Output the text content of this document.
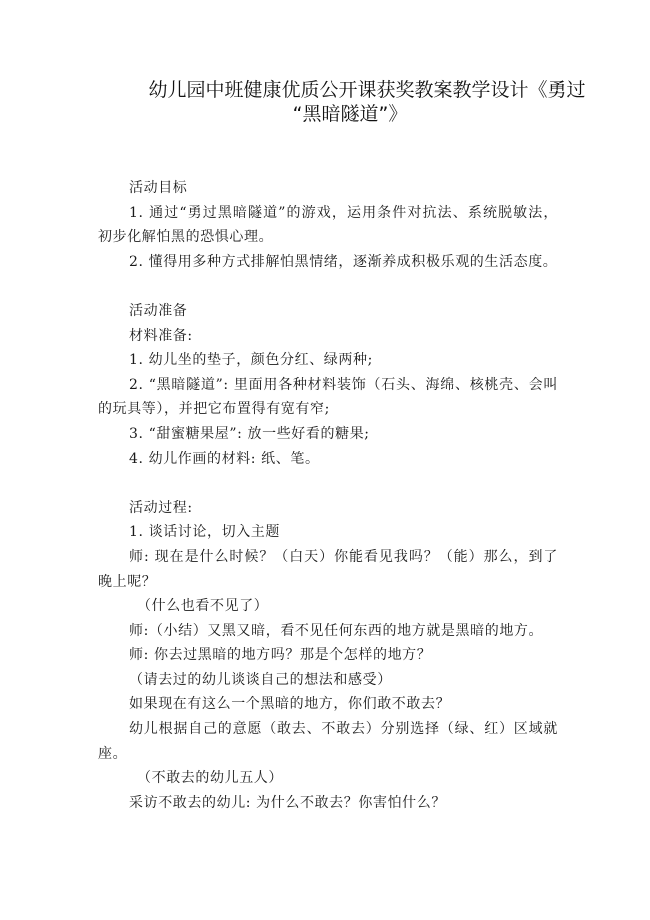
幼儿园中班健康优质公开课获奖教案教学设计《勇过
“黑暗隧道”》

活动目标

1. 通过“勇过黑暗隧道”的游戏，运用条件对抗法、系统脱敏法，初步化解怕黑的恐惧心理。

2. 懂得用多种方式排解怕黑情绪，逐渐养成积极乐观的生活态度。

活动准备

材料准备:

1. 幼儿坐的垫子，颜色分红、绿两种;

2. “黑暗隧道”: 里面用各种材料装饰（石头、海绵、核桃壳、会叫的玩具等），并把它布置得有宽有窄;

3. “甜蜜糖果屋”: 放一些好看的糖果;

4. 幼儿作画的材料: 纸、笔。

活动过程:

1. 谈话讨论，切入主题

师: 现在是什么时候？（白天）你能看见我吗？（能）那么，到了晚上呢？

（什么也看不见了）

师:（小结）又黑又暗，看不见任何东西的地方就是黑暗的地方。

师: 你去过黑暗的地方吗？那是个怎样的地方？

（请去过的幼儿谈谈自己的想法和感受）

如果现在有这么一个黑暗的地方，你们敢不敢去？

幼儿根据自己的意愿（敢去、不敢去）分别选择（绿、红）区域就座。

（不敢去的幼儿五人）

采访不敢去的幼儿: 为什么不敢去？你害怕什么？
